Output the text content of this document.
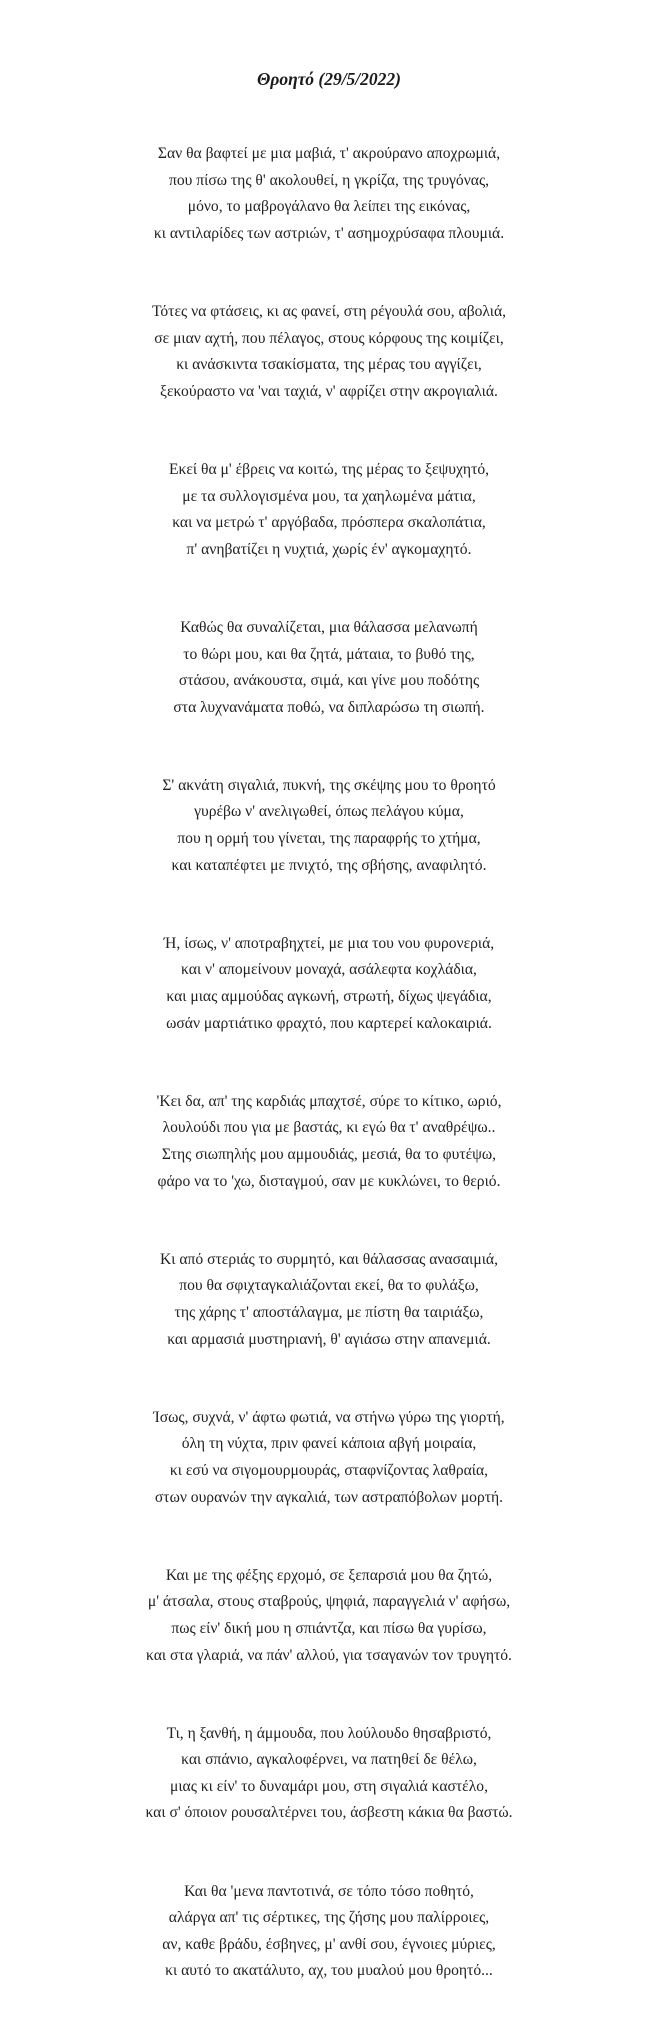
Θροητό (29/5/2022)
Σαν θα βαφτεί με μια μαβιά, τ' ακρούρανο αποχρωμιά,
που πίσω της θ' ακολουθεί, η γκρίζα, της τρυγόνας,
μόνο, το μαβρογάλανο θα λείπει της εικόνας,
κι αντιλαρίδες των αστριών, τ' ασημοχρύσαφα πλουμιά.
Τότες να φτάσεις, κι ας φανεί, στη ρέγουλά σου, αβολιά,
σε μιαν αχτή, που πέλαγος, στους κόρφους της κοιμίζει,
κι ανάσκιντα τσακίσματα, της μέρας του αγγίζει,
ξεκούραστο να 'ναι ταχιά, ν' αφρίζει στην ακρογιαλιά.
Εκεί θα μ' έβρεις να κοιτώ, της μέρας το ξεψυχητό,
με τα συλλογισμένα μου, τα χαηλωμένα μάτια,
και να μετρώ τ' αργόβαδα, πρόσπερα σκαλοπάτια,
π' ανηβατίζει η νυχτιά, χωρίς έν' αγκομαχητό.
Καθώς θα συναλίζεται, μια θάλασσα μελανωπή
το θώρι μου, και θα ζητά, μάταια, το βυθό της,
στάσου, ανάκουστα, σιμά, και γίνε μου ποδότης
στα λυχνανάματα ποθώ, να διπλαρώσω τη σιωπή.
Σ' ακνάτη σιγαλιά, πυκνή, της σκέψης μου το θροητό
γυρέβω ν' ανελιγωθεί, όπως πελάγου κύμα,
που η ορμή του γίνεται, της παραφρής το χτήμα,
και καταπέφτει με πνιχτό, της σβήσης, αναφιλητό.
Ή, ίσως, ν' αποτραβηχτεί, με μια του νου φυρονεριά,
και ν' απομείνουν μοναχά, ασάλεφτα κοχλάδια,
και μιας αμμούδας αγκωνή, στρωτή, δίχως ψεγάδια,
ωσάν μαρτιάτικο φραχτό, που καρτερεί καλοκαιριά.
'Κει δα, απ' της καρδιάς μπαχτσέ, σύρε το κίτικο, ωριό,
λουλούδι που για με βαστάς, κι εγώ θα τ' αναθρέψω..
Στης σιωπηλής μου αμμουδιάς, μεσιά, θα το φυτέψω,
φάρο να το 'χω, δισταγμού, σαν με κυκλώνει, το θεριό.
Κι από στεριάς το συρμητό, και θάλασσας ανασαιμιά,
που θα σφιχταγκαλιάζονται εκεί, θα το φυλάξω,
της χάρης τ' αποστάλαγμα, με πίστη θα ταιριάξω,
και αρμασιά μυστηριανή, θ' αγιάσω στην απανεμιά.
Ίσως, συχνά, ν' άφτω φωτιά, να στήνω γύρω της γιορτή,
όλη τη νύχτα, πριν φανεί κάποια αβγή μοιραία,
κι εσύ να σιγομουρμουράς, σταφνίζοντας λαθραία,
στων ουρανών την αγκαλιά, των αστραπόβολων μορτή.
Και με της φέξης ερχομό, σε ξεπαρσιά μου θα ζητώ,
μ' άτσαλα, στους σταβρούς, ψηφιά, παραγγελιά ν' αφήσω,
πως είν' δική μου η σπιάντζα, και πίσω θα γυρίσω,
και στα γλαριά, να πάν' αλλού, για τσαγανών τον τρυγητό.
Τι, η ξανθή, η άμμουδα, που λούλουδο θησαβριστό,
και σπάνιο, αγκαλοφέρνει, να πατηθεί δε θέλω,
μιας κι είν' το δυναμάρι μου, στη σιγαλιά καστέλο,
και σ' όποιον ρουσαλτέρνει του, άσβεστη κάκια θα βαστώ.
Και θα 'μενα παντοτινά, σε τόπο τόσο ποθητό,
αλάργα απ' τις σέρτικες, της ζήσης μου παλίρροιες,
αν, καθε βράδυ, έσβηνες, μ' ανθί σου, έγνοιες μύριες,
κι αυτό το ακατάλυτο, αχ, του μυαλού μου θροητό...
